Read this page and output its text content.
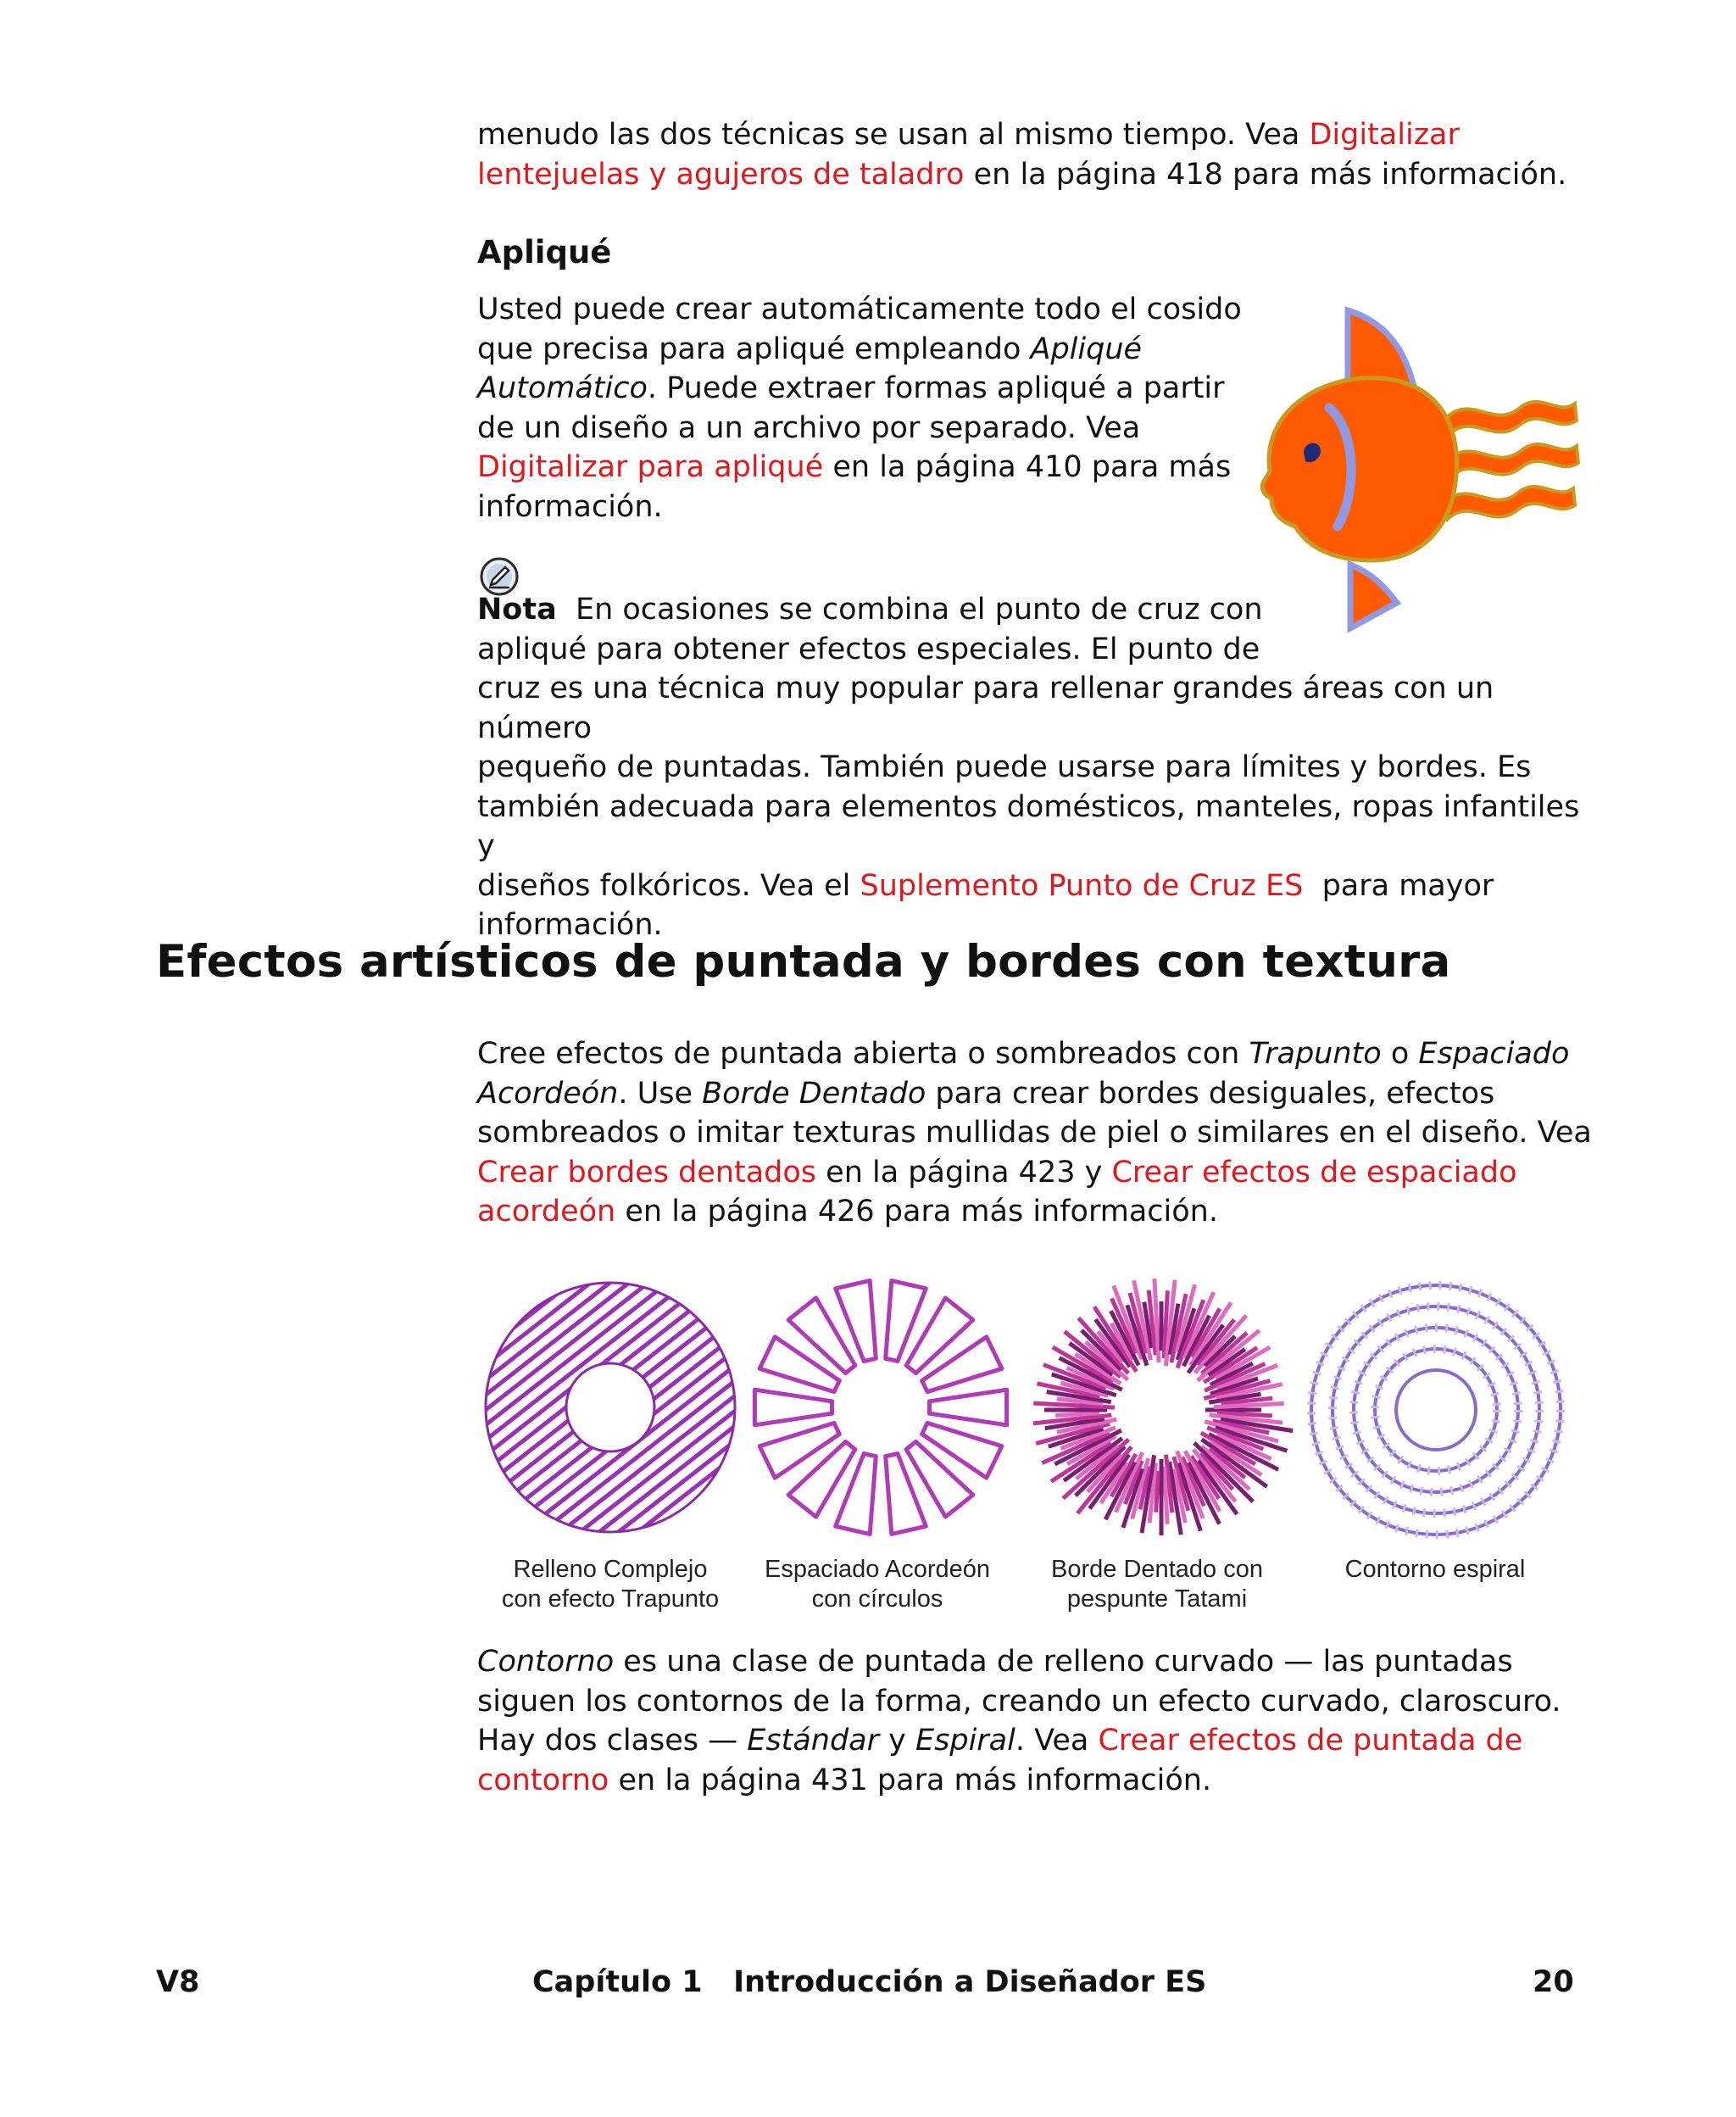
menudo las dos técnicas se usan al mismo tiempo. Vea Digitalizar
lentejuelas y agujeros de taladro en la página 418 para más información.
Apliqué
Usted puede crear automáticamente todo el cosido
que precisa para apliqué empleando Apliqué
Automático. Puede extraer formas apliqué a partir
de un diseño a un archivo por separado. Vea
Digitalizar para apliqué en la página 410 para más
información.
Nota En ocasiones se combina el punto de cruz con
apliqué para obtener efectos especiales. El punto de
cruz es una técnica muy popular para rellenar grandes áreas con un número
pequeño de puntadas. También puede usarse para límites y bordes. Es
también adecuada para elementos domésticos, manteles, ropas infantiles y
diseños folkóricos. Vea el Suplemento Punto de Cruz ES  para mayor
información.
Efectos artísticos de puntada y bordes con textura
Cree efectos de puntada abierta o sombreados con Trapunto o Espaciado
Acordeón. Use Borde Dentado para crear bordes desiguales, efectos
sombreados o imitar texturas mullidas de piel o similares en el diseño. Vea
Crear bordes dentados en la página 423 y Crear efectos de espaciado
acordeón en la página 426 para más información.
Relleno Complejo
con efecto Trapunto
Espaciado Acordeón
con círculos
Borde Dentado con
pespunte Tatami
Contorno espiral
Contorno es una clase de puntada de relleno curvado — las puntadas
siguen los contornos de la forma, creando un efecto curvado, claroscuro.
Hay dos clases — Estándar y Espiral. Vea Crear efectos de puntada de
contorno en la página 431 para más información.
V8	Capítulo 1   Introducción a Diseñador ES	20
